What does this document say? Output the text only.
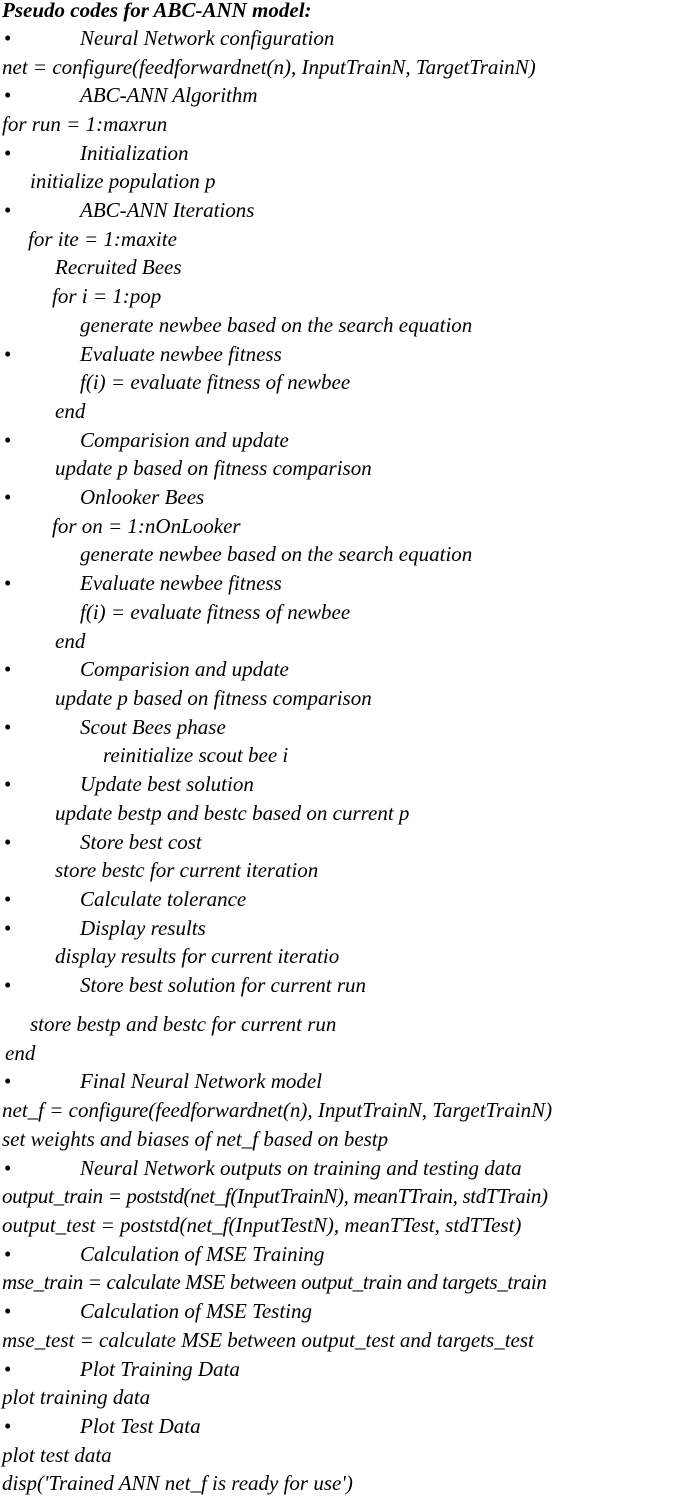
Pseudo codes for ABC-ANN model:
•	Neural Network configuration
net = configure(feedforwardnet(n), InputTrainN, TargetTrainN)
•	ABC-ANN Algorithm
for run = 1:maxrun
•	Initialization
initialize population p
•	ABC-ANN Iterations
for ite = 1:maxite
Recruited Bees
for i = 1:pop
generate newbee based on the search equation
•	Evaluate newbee fitness
f(i) = evaluate fitness of newbee
end
•	Comparision and update
update p based on fitness comparison
•	Onlooker Bees
for on = 1:nOnLooker
generate newbee based on the search equation
•	Evaluate newbee fitness
f(i) = evaluate fitness of newbee
end
•	Comparision and update
update p based on fitness comparison
•	Scout Bees phase
reinitialize scout bee i
•	Update best solution
update bestp and bestc based on current p
•	Store best cost
store bestc for current iteration
•	Calculate tolerance
•	Display results
display results for current iteratio
•	Store best solution for current run
store bestp and bestc for current run
end
•	Final Neural Network model
net_f = configure(feedforwardnet(n), InputTrainN, TargetTrainN)
set weights and biases of net_f based on bestp
•	Neural Network outputs on training and testing data
output_train = poststd(net_f(InputTrainN), meanTTrain, stdTTrain)
output_test = poststd(net_f(InputTestN), meanTTest, stdTTest)
•	Calculation of MSE Training
mse_train = calculate MSE between output_train and targets_train
•	Calculation of MSE Testing
mse_test = calculate MSE between output_test and targets_test
•	Plot Training Data
plot training data
•	Plot Test Data
plot test data
disp('Trained ANN net_f is ready for use')
